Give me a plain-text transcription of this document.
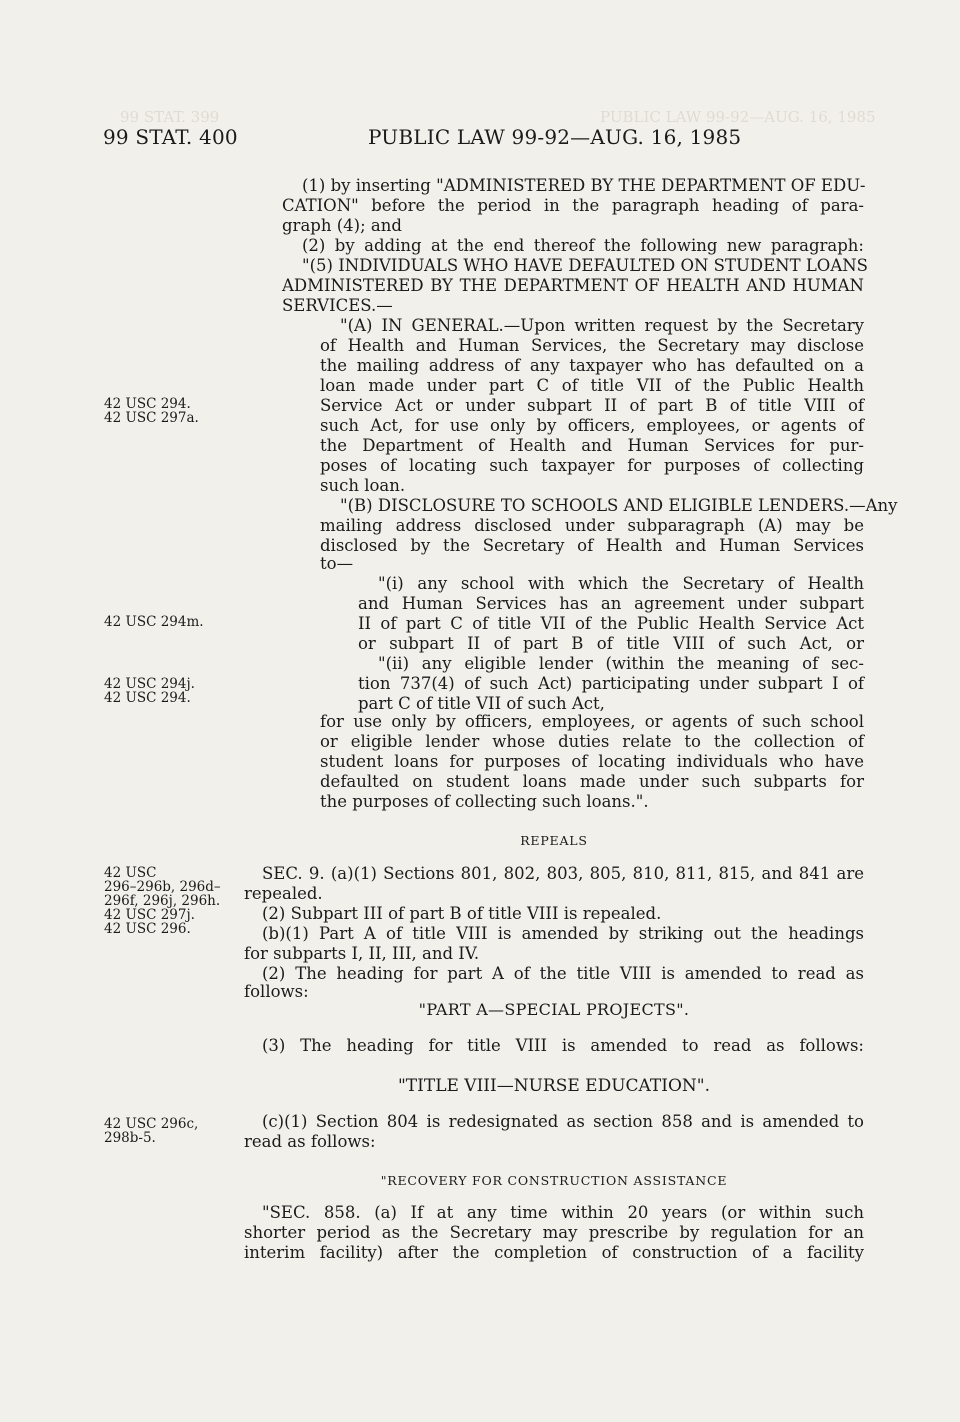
99 STAT. 399	PUBLIC LAW 99-92—AUG. 16, 1985
99 STAT. 400	PUBLIC LAW 99-92—AUG. 16, 1985
42 USC 294.
42 USC 297a.
42 USC 294m.
42 USC 294j.
42 USC 294.
42 USC
296–296b, 296d–
296f, 296j, 296h.
42 USC 297j.
42 USC 296.
42 USC 296c,
298b-5.
(1) by inserting "ADMINISTERED BY THE DEPARTMENT OF EDU-
CATION" before the period in the paragraph heading of para-
graph (4); and
(2) by adding at the end thereof the following new paragraph:
"(5) INDIVIDUALS WHO HAVE DEFAULTED ON STUDENT LOANS
ADMINISTERED BY THE DEPARTMENT OF HEALTH AND HUMAN
SERVICES.—
"(A) IN GENERAL.—Upon written request by the Secretary
of Health and Human Services, the Secretary may disclose
the mailing address of any taxpayer who has defaulted on a
loan made under part C of title VII of the Public Health
Service Act or under subpart II of part B of title VIII of
such Act, for use only by officers, employees, or agents of
the Department of Health and Human Services for pur-
poses of locating such taxpayer for purposes of collecting
such loan.
"(B) DISCLOSURE TO SCHOOLS AND ELIGIBLE LENDERS.—Any
mailing address disclosed under subparagraph (A) may be
disclosed by the Secretary of Health and Human Services
to—
"(i) any school with which the Secretary of Health
and Human Services has an agreement under subpart
II of part C of title VII of the Public Health Service Act
or subpart II of part B of title VIII of such Act, or
"(ii) any eligible lender (within the meaning of sec-
tion 737(4) of such Act) participating under subpart I of
part C of title VII of such Act,
for use only by officers, employees, or agents of such school
or eligible lender whose duties relate to the collection of
student loans for purposes of locating individuals who have
defaulted on student loans made under such subparts for
the purposes of collecting such loans.".
REPEALS
SEC. 9. (a)(1) Sections 801, 802, 803, 805, 810, 811, 815, and 841 are
repealed.
(2) Subpart III of part B of title VIII is repealed.
(b)(1) Part A of title VIII is amended by striking out the headings
for subparts I, II, III, and IV.
(2) The heading for part A of the title VIII is amended to read as
follows:
"PART A—SPECIAL PROJECTS".
(3) The heading for title VIII is amended to read as follows:
"TITLE VIII—NURSE EDUCATION".
(c)(1) Section 804 is redesignated as section 858 and is amended to
read as follows:
"RECOVERY FOR CONSTRUCTION ASSISTANCE
"SEC. 858. (a) If at any time within 20 years (or within such
shorter period as the Secretary may prescribe by regulation for an
interim facility) after the completion of construction of a facility
